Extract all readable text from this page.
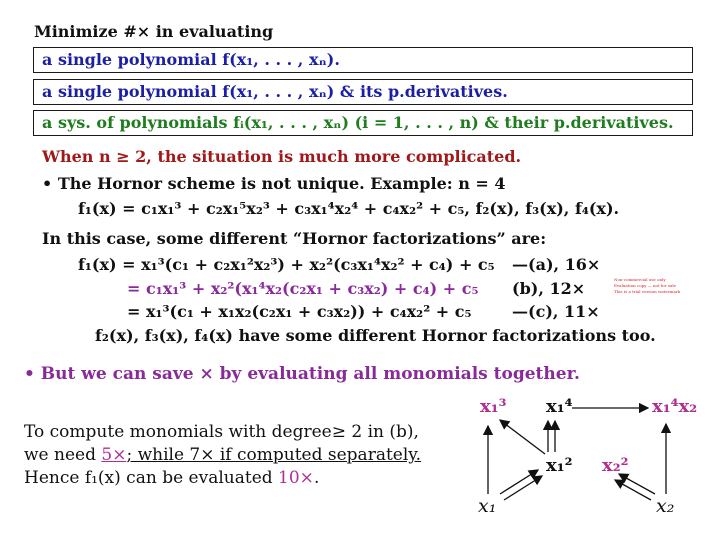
Minimize #× in evaluating
a single polynomial f(x₁, . . . , xₙ).
a single polynomial f(x₁, . . . , xₙ) & its p.derivatives.
a sys. of polynomials fᵢ(x₁, . . . , xₙ) (i = 1, . . . , n) & their p.derivatives.
When n ≥ 2, the situation is much more complicated.
• The Hornor scheme is not unique. Example: n = 4
f₁(x) = c₁x₁³ + c₂x₁⁵x₂³ + c₃x₁⁴x₂⁴ + c₄x₂² + c₅, f₂(x), f₃(x), f₄(x).
In this case, some different “Hornor factorizations” are:
f₁(x) = x₁³(c₁ + c₂x₁²x₂³) + x₂²(c₃x₁⁴x₂² + c₄) + c₅ —(a), 16×
= c₁x₁³ + x₂²(x₁⁴x₂(c₂x₁ + c₃x₂) + c₄) + c₅ (b), 12×
= x₁³(c₁ + x₁x₂(c₂x₁ + c₃x₂)) + c₄x₂² + c₅	—(c), 11×
Non-commercial use only
Evaluation copy — not for sale
This is a trial version watermark
f₂(x), f₃(x), f₄(x) have some different Hornor factorizations too.
• But we can save × by evaluating all monomials together.
To compute monomials with degree≥ 2 in (b),
we need 5×; while 7× if computed separately.
Hence f₁(x) can be evaluated 10×.
x₁	x₂
x₁²
x₁³ x₁⁴
x₂²
x₁⁴x₂
